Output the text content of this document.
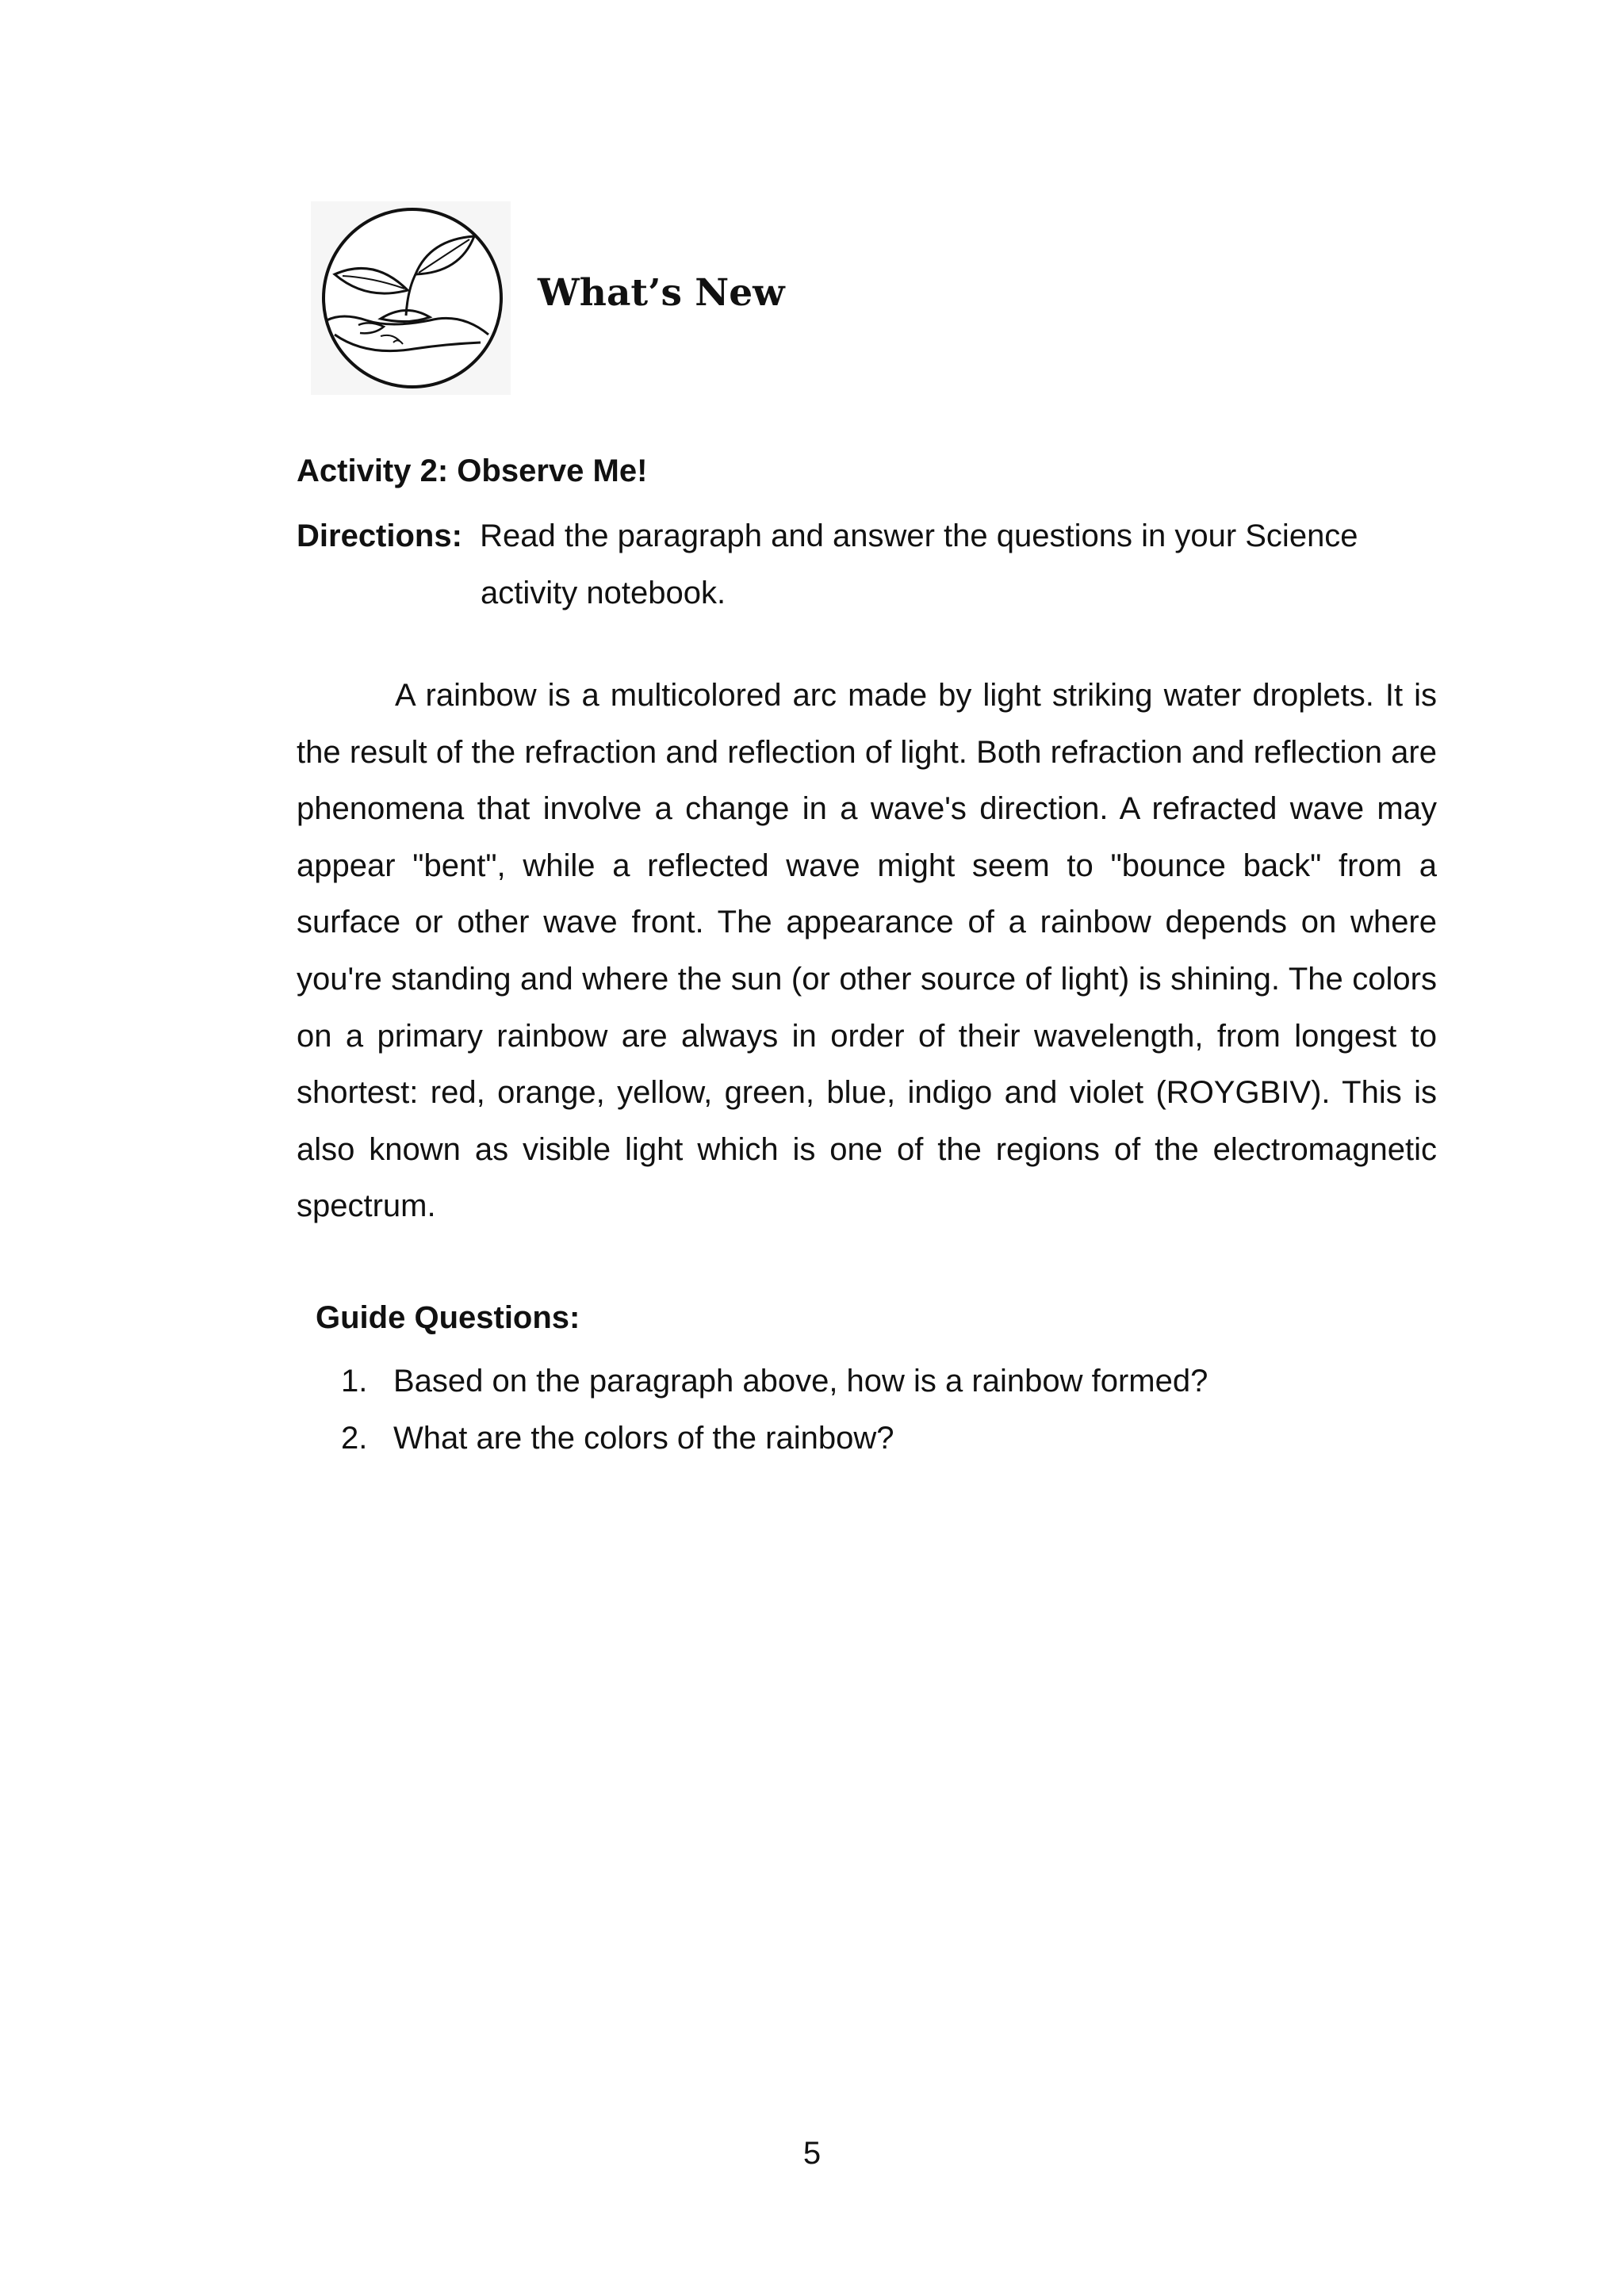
What’s New
Activity 2: Observe Me!
Directions: Read the paragraph and answer the questions in your Science
activity notebook.

A rainbow is a multicolored arc made by light striking water droplets. It is the result of the refraction and reflection of light. Both refraction and reflection are phenomena that involve a change in a wave's direction. A refracted wave may appear "bent", while a reflected wave might seem to "bounce back" from a surface or other wave front. The appearance of a rainbow depends on where you're standing and where the sun (or other source of light) is shining. The colors on a primary rainbow are always in order of their wavelength, from longest to shortest: red, orange, yellow, green, blue, indigo and violet (ROYGBIV). This is also known as visible light which is one of the regions of the electromagnetic spectrum.

Guide Questions:
1. Based on the paragraph above, how is a rainbow formed?
2. What are the colors of the rainbow?
5
